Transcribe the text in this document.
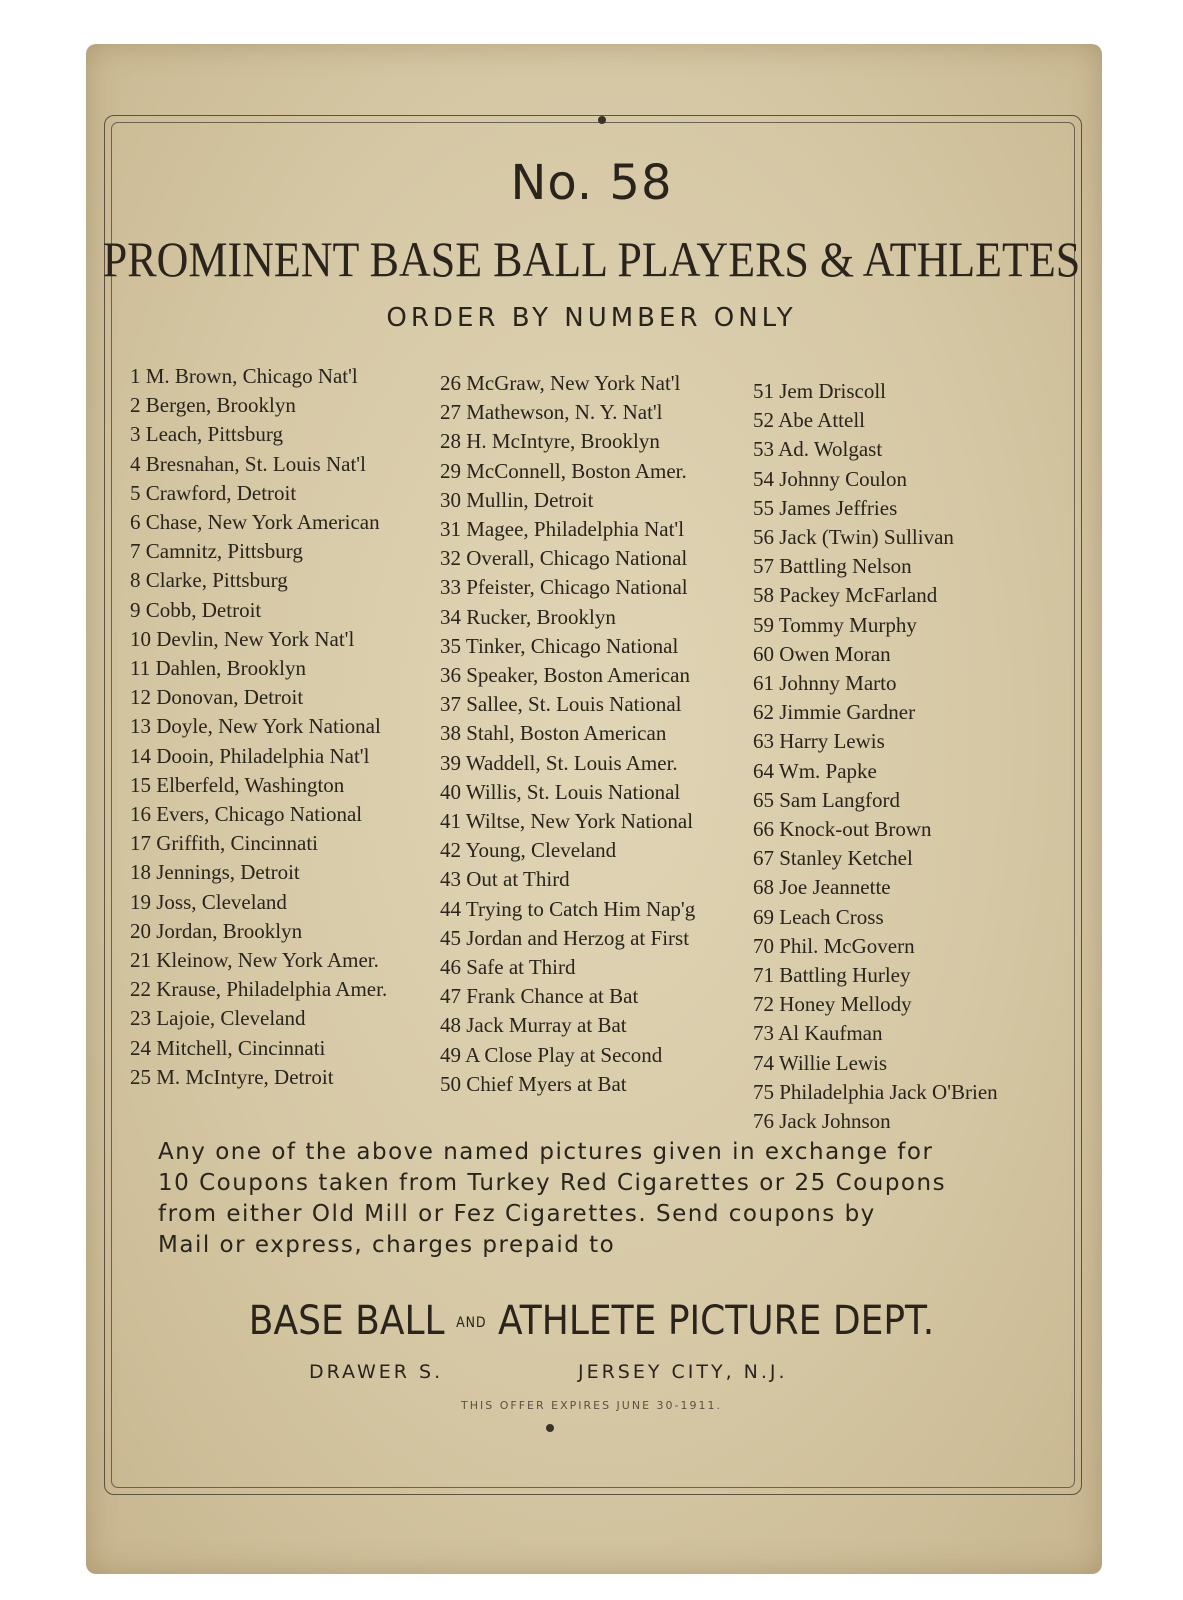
No. 58
PROMINENT BASE BALL PLAYERS & ATHLETES
ORDER BY NUMBER ONLY
1 M. Brown, Chicago Nat'l
2 Bergen, Brooklyn
3 Leach, Pittsburg
4 Bresnahan, St. Louis Nat'l
5 Crawford, Detroit
6 Chase, New York American
7 Camnitz, Pittsburg
8 Clarke, Pittsburg
9 Cobb, Detroit
10 Devlin, New York Nat'l
11 Dahlen, Brooklyn
12 Donovan, Detroit
13 Doyle, New York National
14 Dooin, Philadelphia Nat'l
15 Elberfeld, Washington
16 Evers, Chicago National
17 Griffith, Cincinnati
18 Jennings, Detroit
19 Joss, Cleveland
20 Jordan, Brooklyn
21 Kleinow, New York Amer.
22 Krause, Philadelphia Amer.
23 Lajoie, Cleveland
24 Mitchell, Cincinnati
25 M. McIntyre, Detroit
26 McGraw, New York Nat'l
27 Mathewson, N. Y. Nat'l
28 H. McIntyre, Brooklyn
29 McConnell, Boston Amer.
30 Mullin, Detroit
31 Magee, Philadelphia Nat'l
32 Overall, Chicago National
33 Pfeister, Chicago National
34 Rucker, Brooklyn
35 Tinker, Chicago National
36 Speaker, Boston American
37 Sallee, St. Louis National
38 Stahl, Boston American
39 Waddell, St. Louis Amer.
40 Willis, St. Louis National
41 Wiltse, New York National
42 Young, Cleveland
43 Out at Third
44 Trying to Catch Him Nap'g
45 Jordan and Herzog at First
46 Safe at Third
47 Frank Chance at Bat
48 Jack Murray at Bat
49 A Close Play at Second
50 Chief Myers at Bat
51 Jem Driscoll
52 Abe Attell
53 Ad. Wolgast
54 Johnny Coulon
55 James Jeffries
56 Jack (Twin) Sullivan
57 Battling Nelson
58 Packey McFarland
59 Tommy Murphy
60 Owen Moran
61 Johnny Marto
62 Jimmie Gardner
63 Harry Lewis
64 Wm. Papke
65 Sam Langford
66 Knock-out Brown
67 Stanley Ketchel
68 Joe Jeannette
69 Leach Cross
70 Phil. McGovern
71 Battling Hurley
72 Honey Mellody
73 Al Kaufman
74 Willie Lewis
75 Philadelphia Jack O'Brien
76 Jack Johnson
Any one of the above named pictures given in exchange for
10 Coupons taken from Turkey Red Cigarettes or 25 Coupons
from either Old Mill or Fez Cigarettes. Send coupons by
Mail or express, charges prepaid to
BASE BALL AND ATHLETE PICTURE DEPT.
DRAWER S.	JERSEY CITY, N.J.
THIS OFFER EXPIRES JUNE 30-1911.
